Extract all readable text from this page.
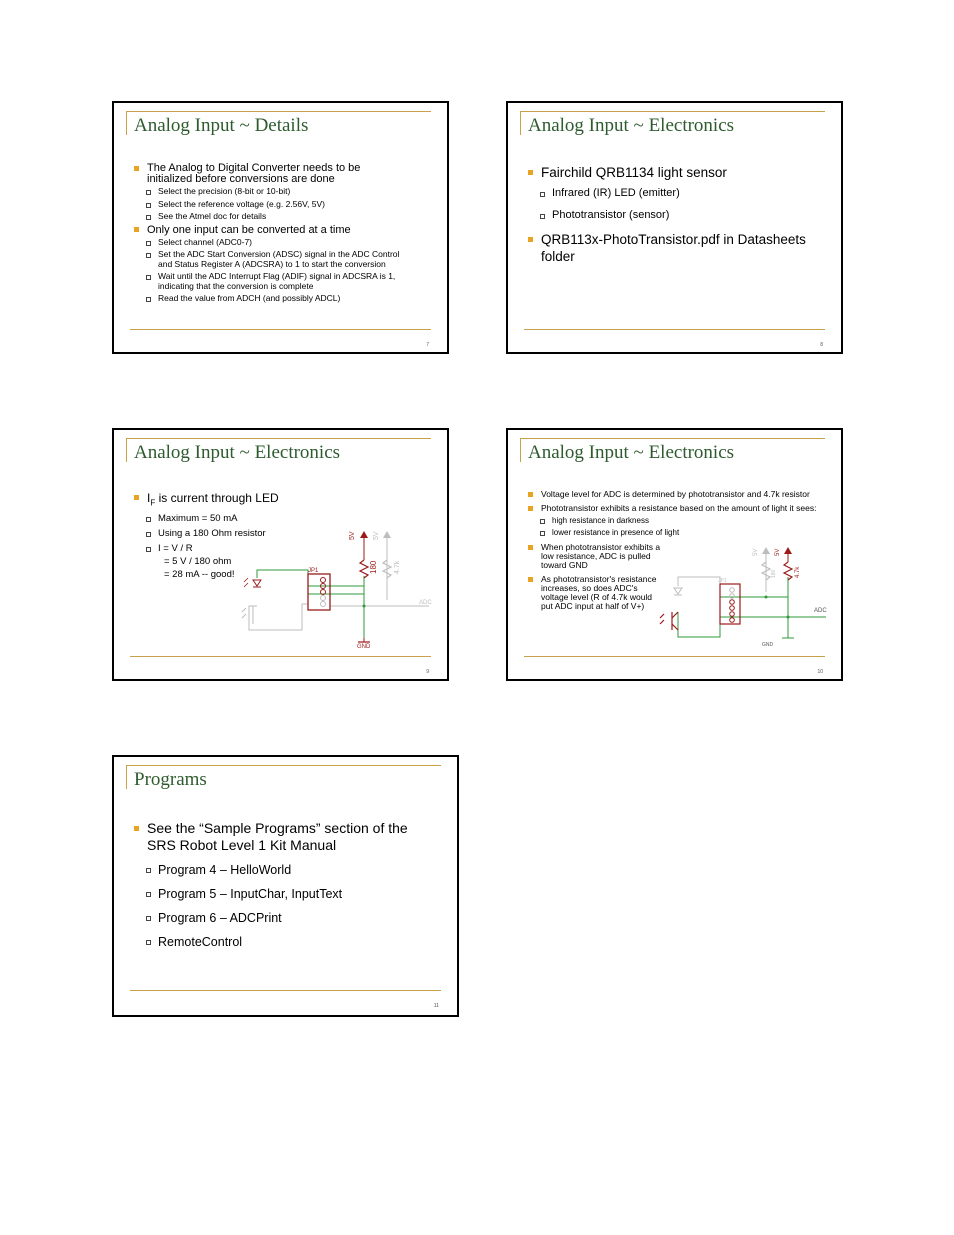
Analog Input ~ Details

The Analog to Digital Converter needs to be initialized before conversions are done

Select the precision (8-bit or 10-bit)

Select the reference voltage (e.g. 2.56V, 5V)

See the Atmel doc for details

Only one input can be converted at a time

Select channel (ADC0-7)

Set the ADC Start Conversion (ADSC) signal in the ADC Control and Status Register A (ADCSRA) to 1 to start the conversion

Wait until the ADC Interrupt Flag (ADIF) signal in ADCSRA is 1, indicating that the conversion is complete

Read the value from ADCH (and possibly ADCL)

7
Analog Input ~ Electronics

Fairchild QRB1134 light sensor

Infrared (IR) LED (emitter)

Phototransistor (sensor)

QRB113x-PhotoTransistor.pdf in Datasheets folder

8
Analog Input ~ Electronics

$I_F$ is current through LED

Maximum = 50 mA

Using a 180 Ohm resistor

I = V / R

= 5 V / 180 ohm

= 28 mA -- good!

5V
180
5V
4.7k
JP1
ADC
GND
9
Analog Input ~ Electronics

Voltage level for ADC is determined by phototransistor and 4.7k resistor

Phototransistor exhibits a resistance based on the amount of light it sees:

high resistance in darkness

lower resistance in presence of light

When phototransistor exhibits a low resistance, ADC is pulled toward GND

As phototransistor's resistance increases, so does ADC's voltage level (R of 4.7k would put ADC input at half of V+)

JP1
5V
4.7k
5V
180
ADC
GND
10
Programs

See the “Sample Programs” section of the SRS Robot Level 1 Kit Manual

Program 4 – HelloWorld

Program 5 – InputChar, InputText

Program 6 – ADCPrint

RemoteControl

11
